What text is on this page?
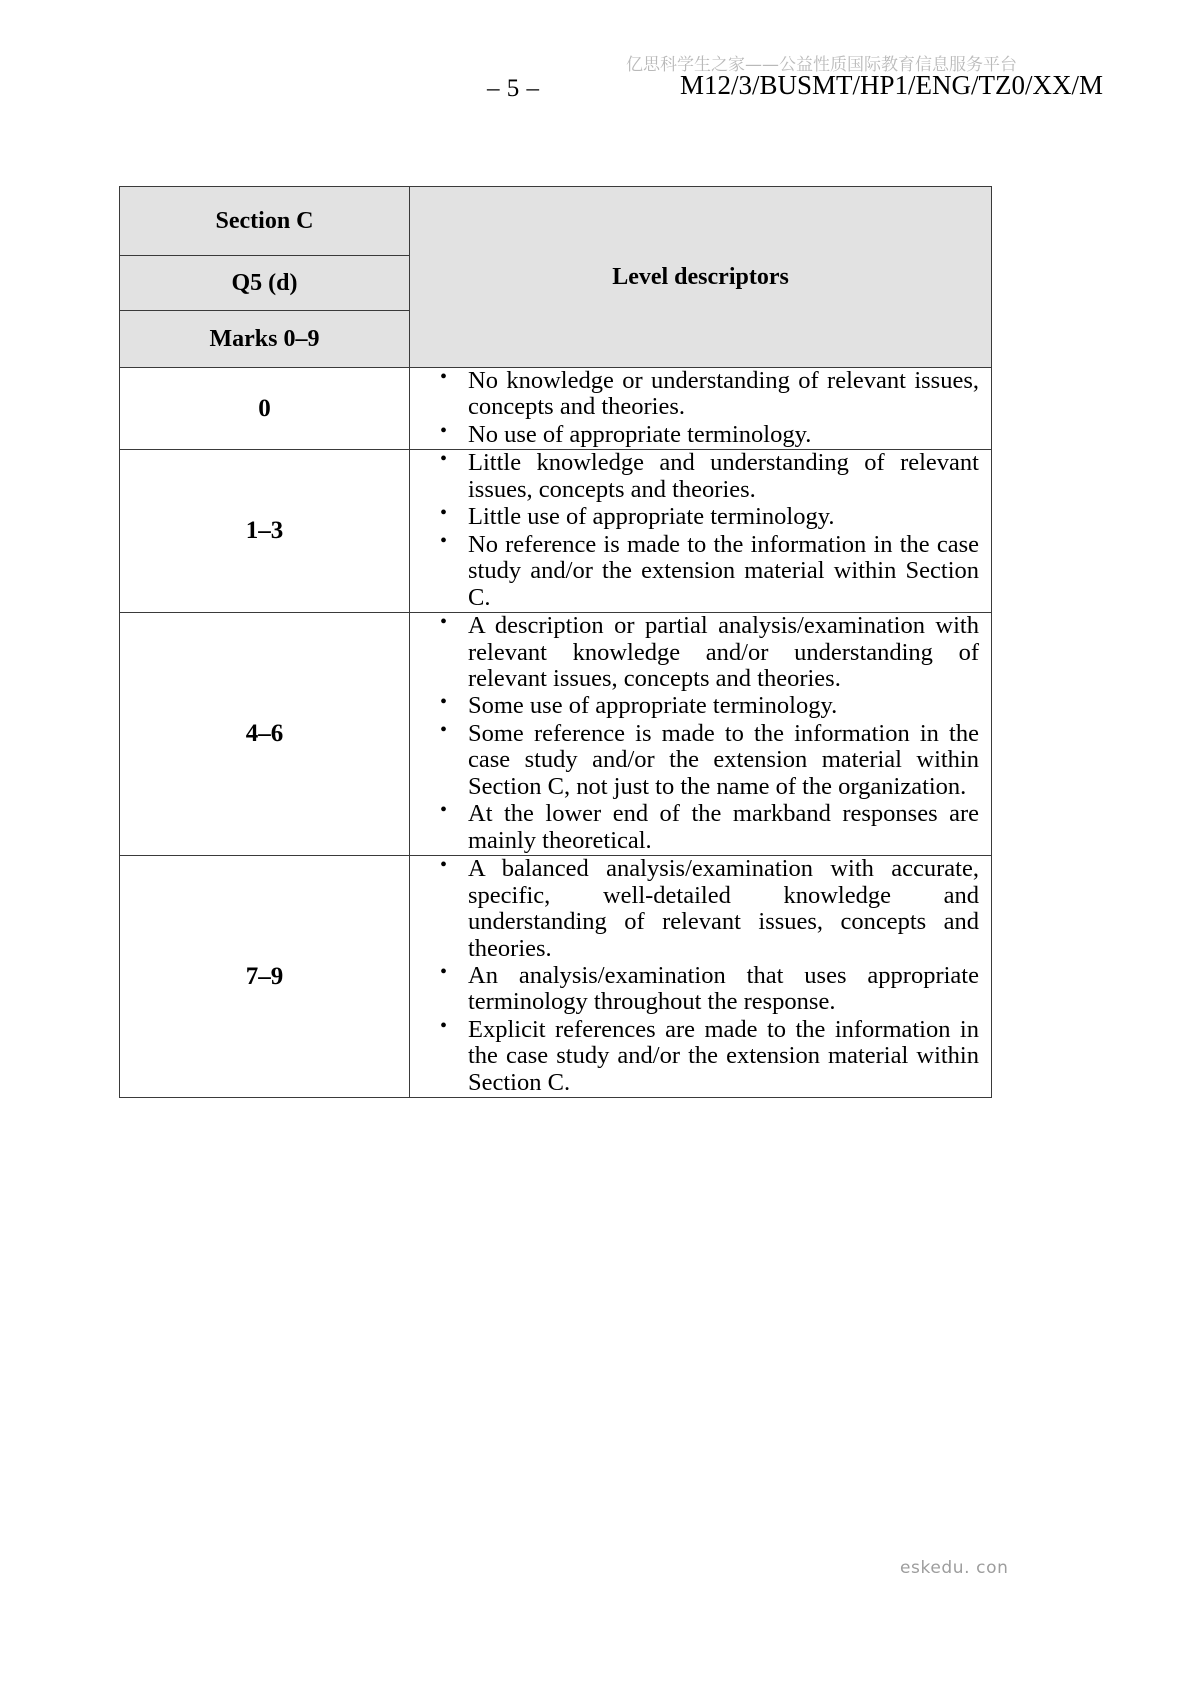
– 5 –
亿思科学生之家——公益性质国际教育信息服务平台
M12/3/BUSMT/HP1/ENG/TZ0/XX/M
Section C	Level descriptors
Q5 (d)	
Marks 0–9	
0	
• No knowledge or understanding of relevant issues, concepts and theories.
• No use of appropriate terminology.

1–3	
• Little knowledge and understanding of relevant issues, concepts and theories.
• Little use of appropriate terminology.
• No reference is made to the information in the case study and/or the extension material within Section C.

4–6	
• A description or partial analysis/examination with relevant knowledge and/or understanding of relevant issues, concepts and theories.
• Some use of appropriate terminology.
• Some reference is made to the information in the case study and/or the extension material within Section C, not just to the name of the organization.
• At the lower end of the markband responses are mainly theoretical.

7–9	
• A balanced analysis/examination with accurate, specific, well-detailed knowledge and understanding of relevant issues, concepts and theories.
• An analysis/examination that uses appropriate terminology throughout the response.
• Explicit references are made to the information in the case study and/or the extension material within Section C.
eskedu. con
